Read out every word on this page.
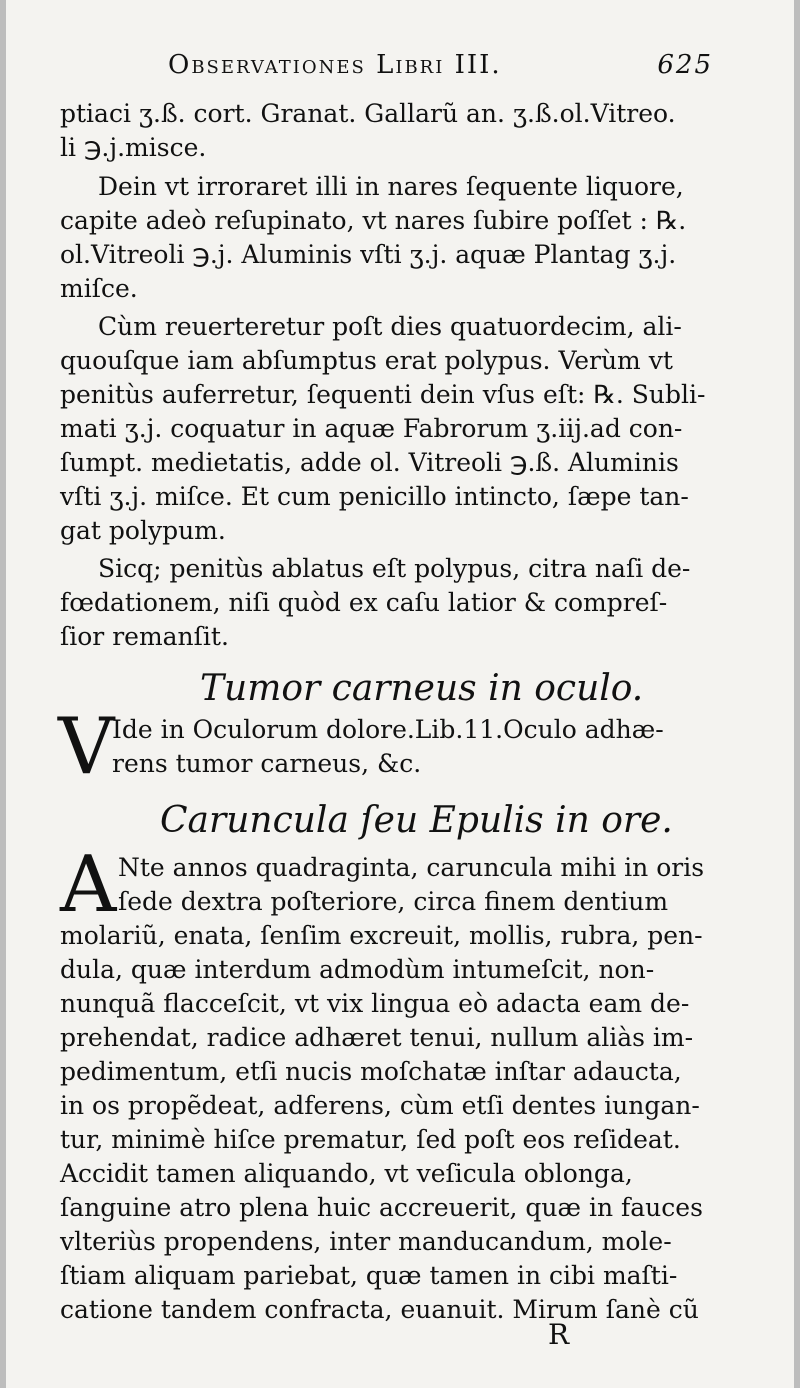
Observationes Libri III.	625
ptiaci ʒ.ß. cort. Granat. Gallarũ an. ʒ.ß.ol.Vitreo.
li ℈.j.misce.
Dein vt irroraret illi in nares ſequente liquore,
capite adeò reſupinato, vt nares ſubire poſſet : ℞.
ol.Vitreoli ℈.j. Aluminis vſti ʒ.j. aquæ Plantag ʒ.j.
miſce.
Cùm reuerteretur poſt dies quatuordecim, ali-
quouſque iam abſumptus erat polypus. Verùm vt
penitùs auferretur, ſequenti dein vſus eſt: ℞. Subli-
mati ʒ.j. coquatur in aquæ Fabrorum ʒ.iij.ad con-
ſumpt. medietatis, adde ol. Vitreoli ℈.ß. Aluminis
vſti ʒ.j. miſce. Et cum penicillo intincto, ſæpe tan-
gat polypum.
Sicq; penitùs ablatus eſt polypus, citra naſi de-
fœdationem, niſi quòd ex caſu latior & compreſ-
ſior remanſit.
Tumor carneus in oculo.
V
Ide in Oculorum dolore.Lib.11.Oculo adhæ-
rens tumor carneus, &c.
Caruncula ſeu Epulis in ore.
A Nte annos quadraginta, caruncula mihi in oris
ſede dextra poſteriore, circa finem dentium
molariũ, enata, ſenſim excreuit, mollis, rubra, pen-
dula, quæ interdum admodùm intumeſcit, non-
nunquã flacceſcit, vt vix lingua eò adacta eam de-
prehendat, radice adhæret tenui, nullum aliàs im-
pedimentum, etſi nucis moſchatæ inſtar adaucta,
in os propẽdeat, adferens, cùm etſi dentes iungan-
tur, minimè hiſce prematur, ſed poſt eos reſideat.
Accidit tamen aliquando, vt veſicula oblonga,
ſanguine atro plena huic accreuerit, quæ in fauces
vlteriùs propendens, inter manducandum, mole-
ſtiam aliquam pariebat, quæ tamen in cibi maſti-
catione tandem confracta, euanuit. Mirum ſanè cũ
R
